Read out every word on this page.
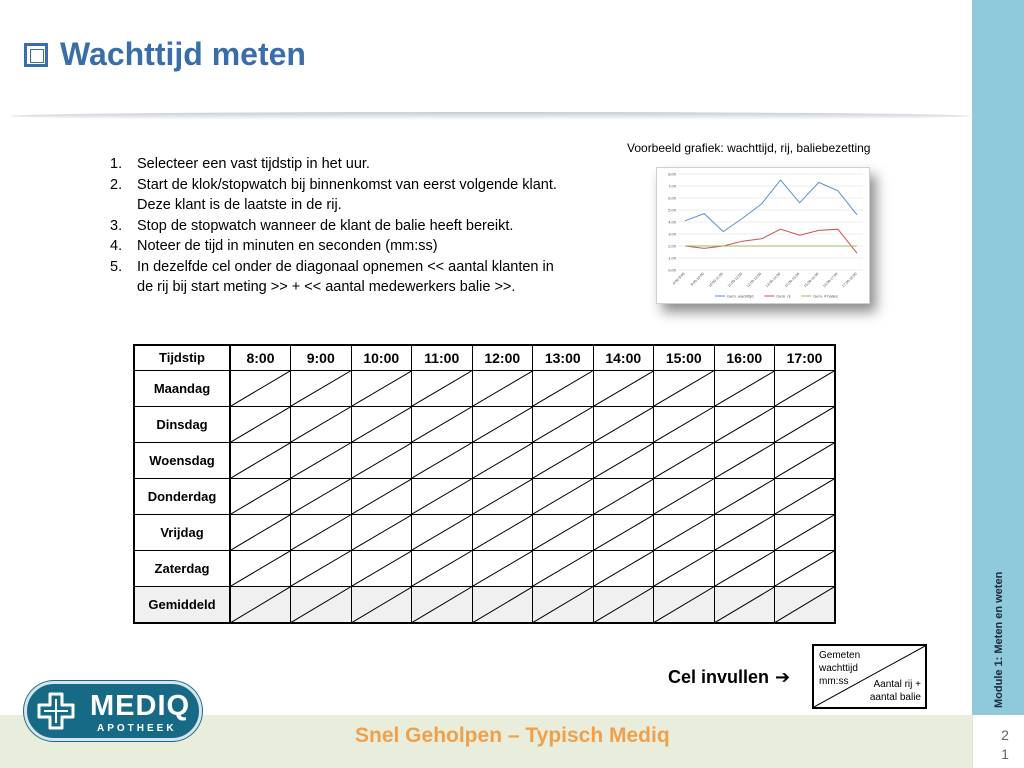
Module 1: Meten en weten
Snel Geholpen – Typisch Mediq	2
1
Wachttijd meten
1. Selecteer een vast tijdstip in het uur.
2. Start de klok/stopwatch bij binnenkomst van eerst volgende klant. Deze klant is de laatste in de rij.
3. Stop de stopwatch wanneer de klant de balie heeft bereikt.
4. Noteer de tijd in minuten en seconden (mm:ss)
5. In dezelfde cel onder de diagonaal opnemen << aantal klanten in de rij bij start meting >> + << aantal medewerkers balie >>.
Voorbeeld grafiek: wachttijd, rij, baliebezetting
0,00
1,00
2,00
3,00
4,00
5,00
6,00
7,00
8,00
8:00-9:00 9:00-10:00 10:00-11:00 11:00-12:00 12:00-13:00 13:00-14:00 14:00-15:00 15:00-16:00 16:00-17:00 17:00-18:00
Gem. wachttijd	Gem. rij	Gem. # balies
Tijdstip	8:00	9:00	10:00	11:00	12:00	13:00	14:00	15:00	16:00	17:00
Maandag	

Dinsdag	

Woensdag	

Donderdag	

Vrijdag	

Zaterdag	

Gemiddeld	

Cel invullen ➔
Gemeten wachttijd mm:ss	Aantal rij + aantal balie
MEDIQ
APOTHEEK
